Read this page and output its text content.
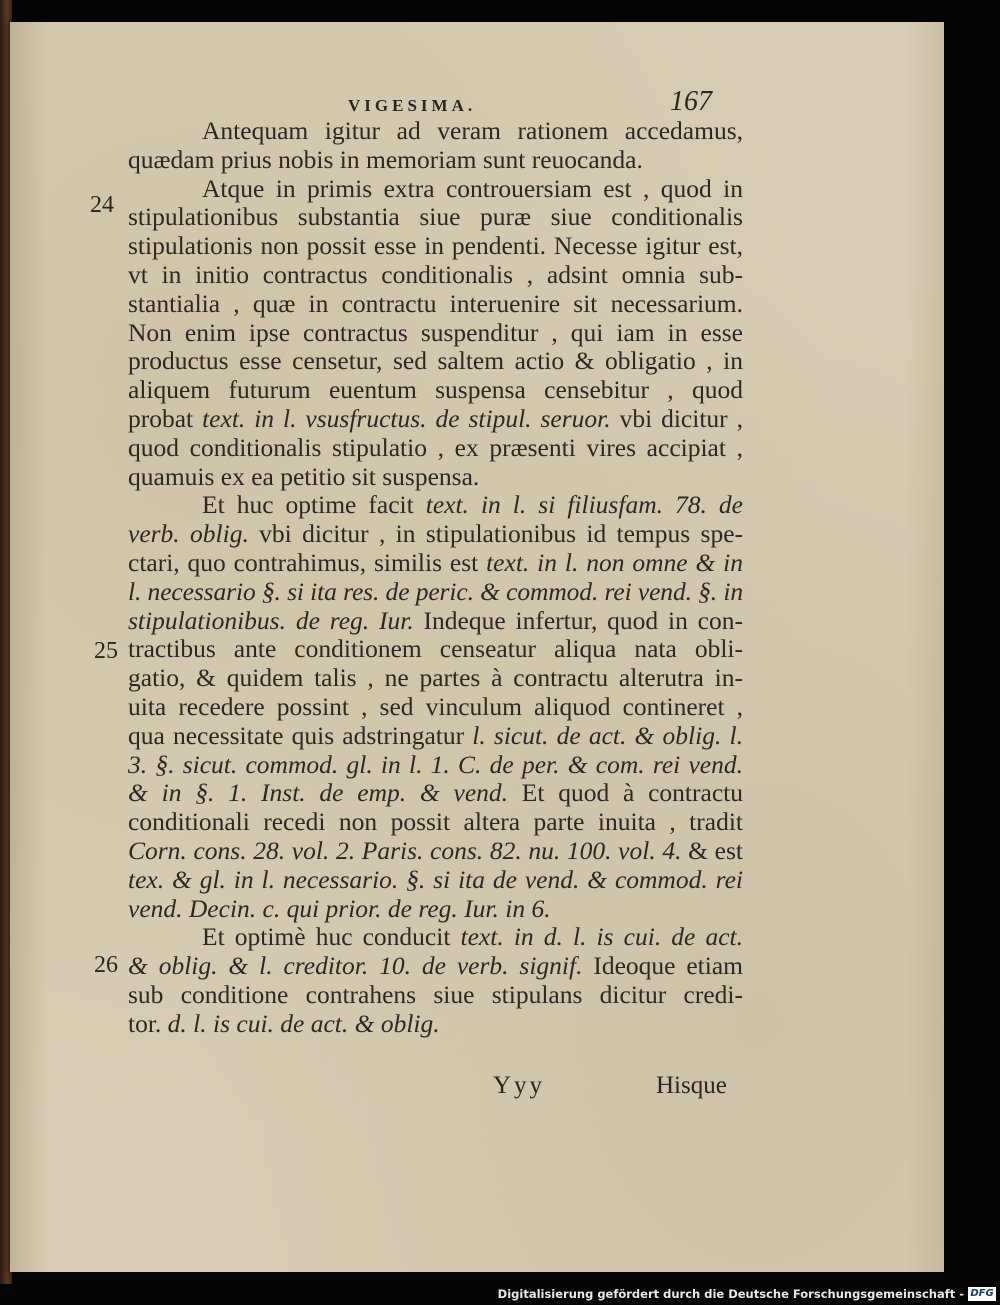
VIGESIMA.	167
24
25
26
Antequam igitur ad veram rationem accedamus,
quædam prius nobis in memoriam sunt reuocanda.
Atque in primis extra controuersiam est , quod in
stipulationibus substantia siue puræ siue conditionalis
stipulationis non possit esse in pendenti. Necesse igitur est,
vt in initio contractus conditionalis , adsint omnia sub-
stantialia , quæ in contractu interuenire sit necessarium.
Non enim ipse contractus suspenditur , qui iam in esse
productus esse censetur, sed saltem actio & obligatio , in
aliquem futurum euentum suspensa censebitur , quod
probat text. in l. vsusfructus. de stipul. seruor. vbi dicitur ,
quod conditionalis stipulatio , ex præsenti vires accipiat ,
quamuis ex ea petitio sit suspensa.
Et huc optime facit text. in l. si filiusfam. 78. de
verb. oblig. vbi dicitur , in stipulationibus id tempus spe-
ctari, quo contrahimus, similis est text. in l. non omne & in
l. necessario §. si ita res. de peric. & commod. rei vend. §. in
stipulationibus. de reg. Iur. Indeque infertur, quod in con-
tractibus ante conditionem censeatur aliqua nata obli-
gatio, & quidem talis , ne partes à contractu alterutra in-
uita recedere possint , sed vinculum aliquod contineret ,
qua necessitate quis adstringatur l. sicut. de act. & oblig. l.
3. §. sicut. commod. gl. in l. 1. C. de per. & com. rei vend.
& in §. 1. Inst. de emp. & vend. Et quod à contractu
conditionali recedi non possit altera parte inuita , tradit
Corn. cons. 28. vol. 2. Paris. cons. 82. nu. 100. vol. 4. & est
tex. & gl. in l. necessario. §. si ita de vend. & commod. rei
vend. Decin. c. qui prior. de reg. Iur. in 6.
Et optimè huc conducit text. in d. l. is cui. de act.
& oblig. & l. creditor. 10. de verb. signif. Ideoque etiam
sub conditione contrahens siue stipulans dicitur credi-
tor. d. l. is cui. de act. & oblig.
Yyy	Hisque
Digitalisierung gefördert durch die Deutsche Forschungsgemeinschaft - DFG
